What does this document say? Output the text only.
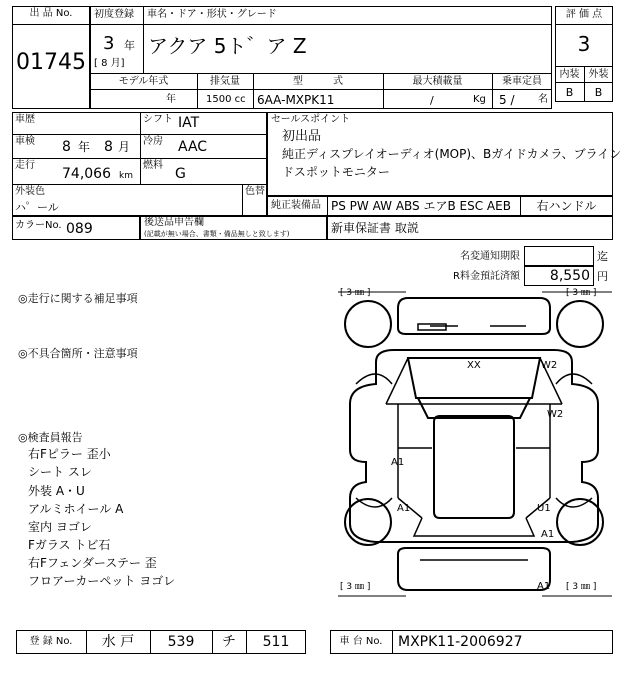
出 品 No.
01745
初度登録 車名・ドア・形状・グレード
3 年
[ 8 月]
アクア 5ト゛ア Z
モデル年式	排気量	型　　　式	最大積載量	乗車定員
年	1500 cc 6AA-MXPK11	/	Kg 5 / 名
評 価 点
3
内装 外装
B	B
車歴	シフト IAT
車検 8 年 8 月 冷房 AAC
走行
74,066 km
燃料
G
外装色
ハ゜ール
色替
カラーNo. 089	後送品申告欄
(記載が無い場合、書類・備品無しと致します)
セールスポイント
初出品
純正ディスプレイオーディオ(MOP)、Bガイドカメラ、ブライン
ドスポットモニター
純正装備品 PS PW AW ABS エアB ESC AEB	右ハンドル
新車保証書 取説
名変通知期限	迄
R料金預託済額	8,550 円
◎走行に関する補足事項
◎不具合箇所・注意事項
◎検査員報告
右Fピラー 歪小
シート スレ
外装 A・U
アルミホイール A
室内 ヨゴレ
Fガラス トビ石
右Fフェンダーステー 歪
フロアーカーペット ヨゴレ
[ 3 ㎜ ]	[ 3 ㎜ ]
[ 3 ㎜ ]	[ 3 ㎜ ]
XX	W2
W2
A1
A1	U1
A1
A1
登 録 No.	水 戸	539	チ	511	車 台 No.	MXPK11-2006927
